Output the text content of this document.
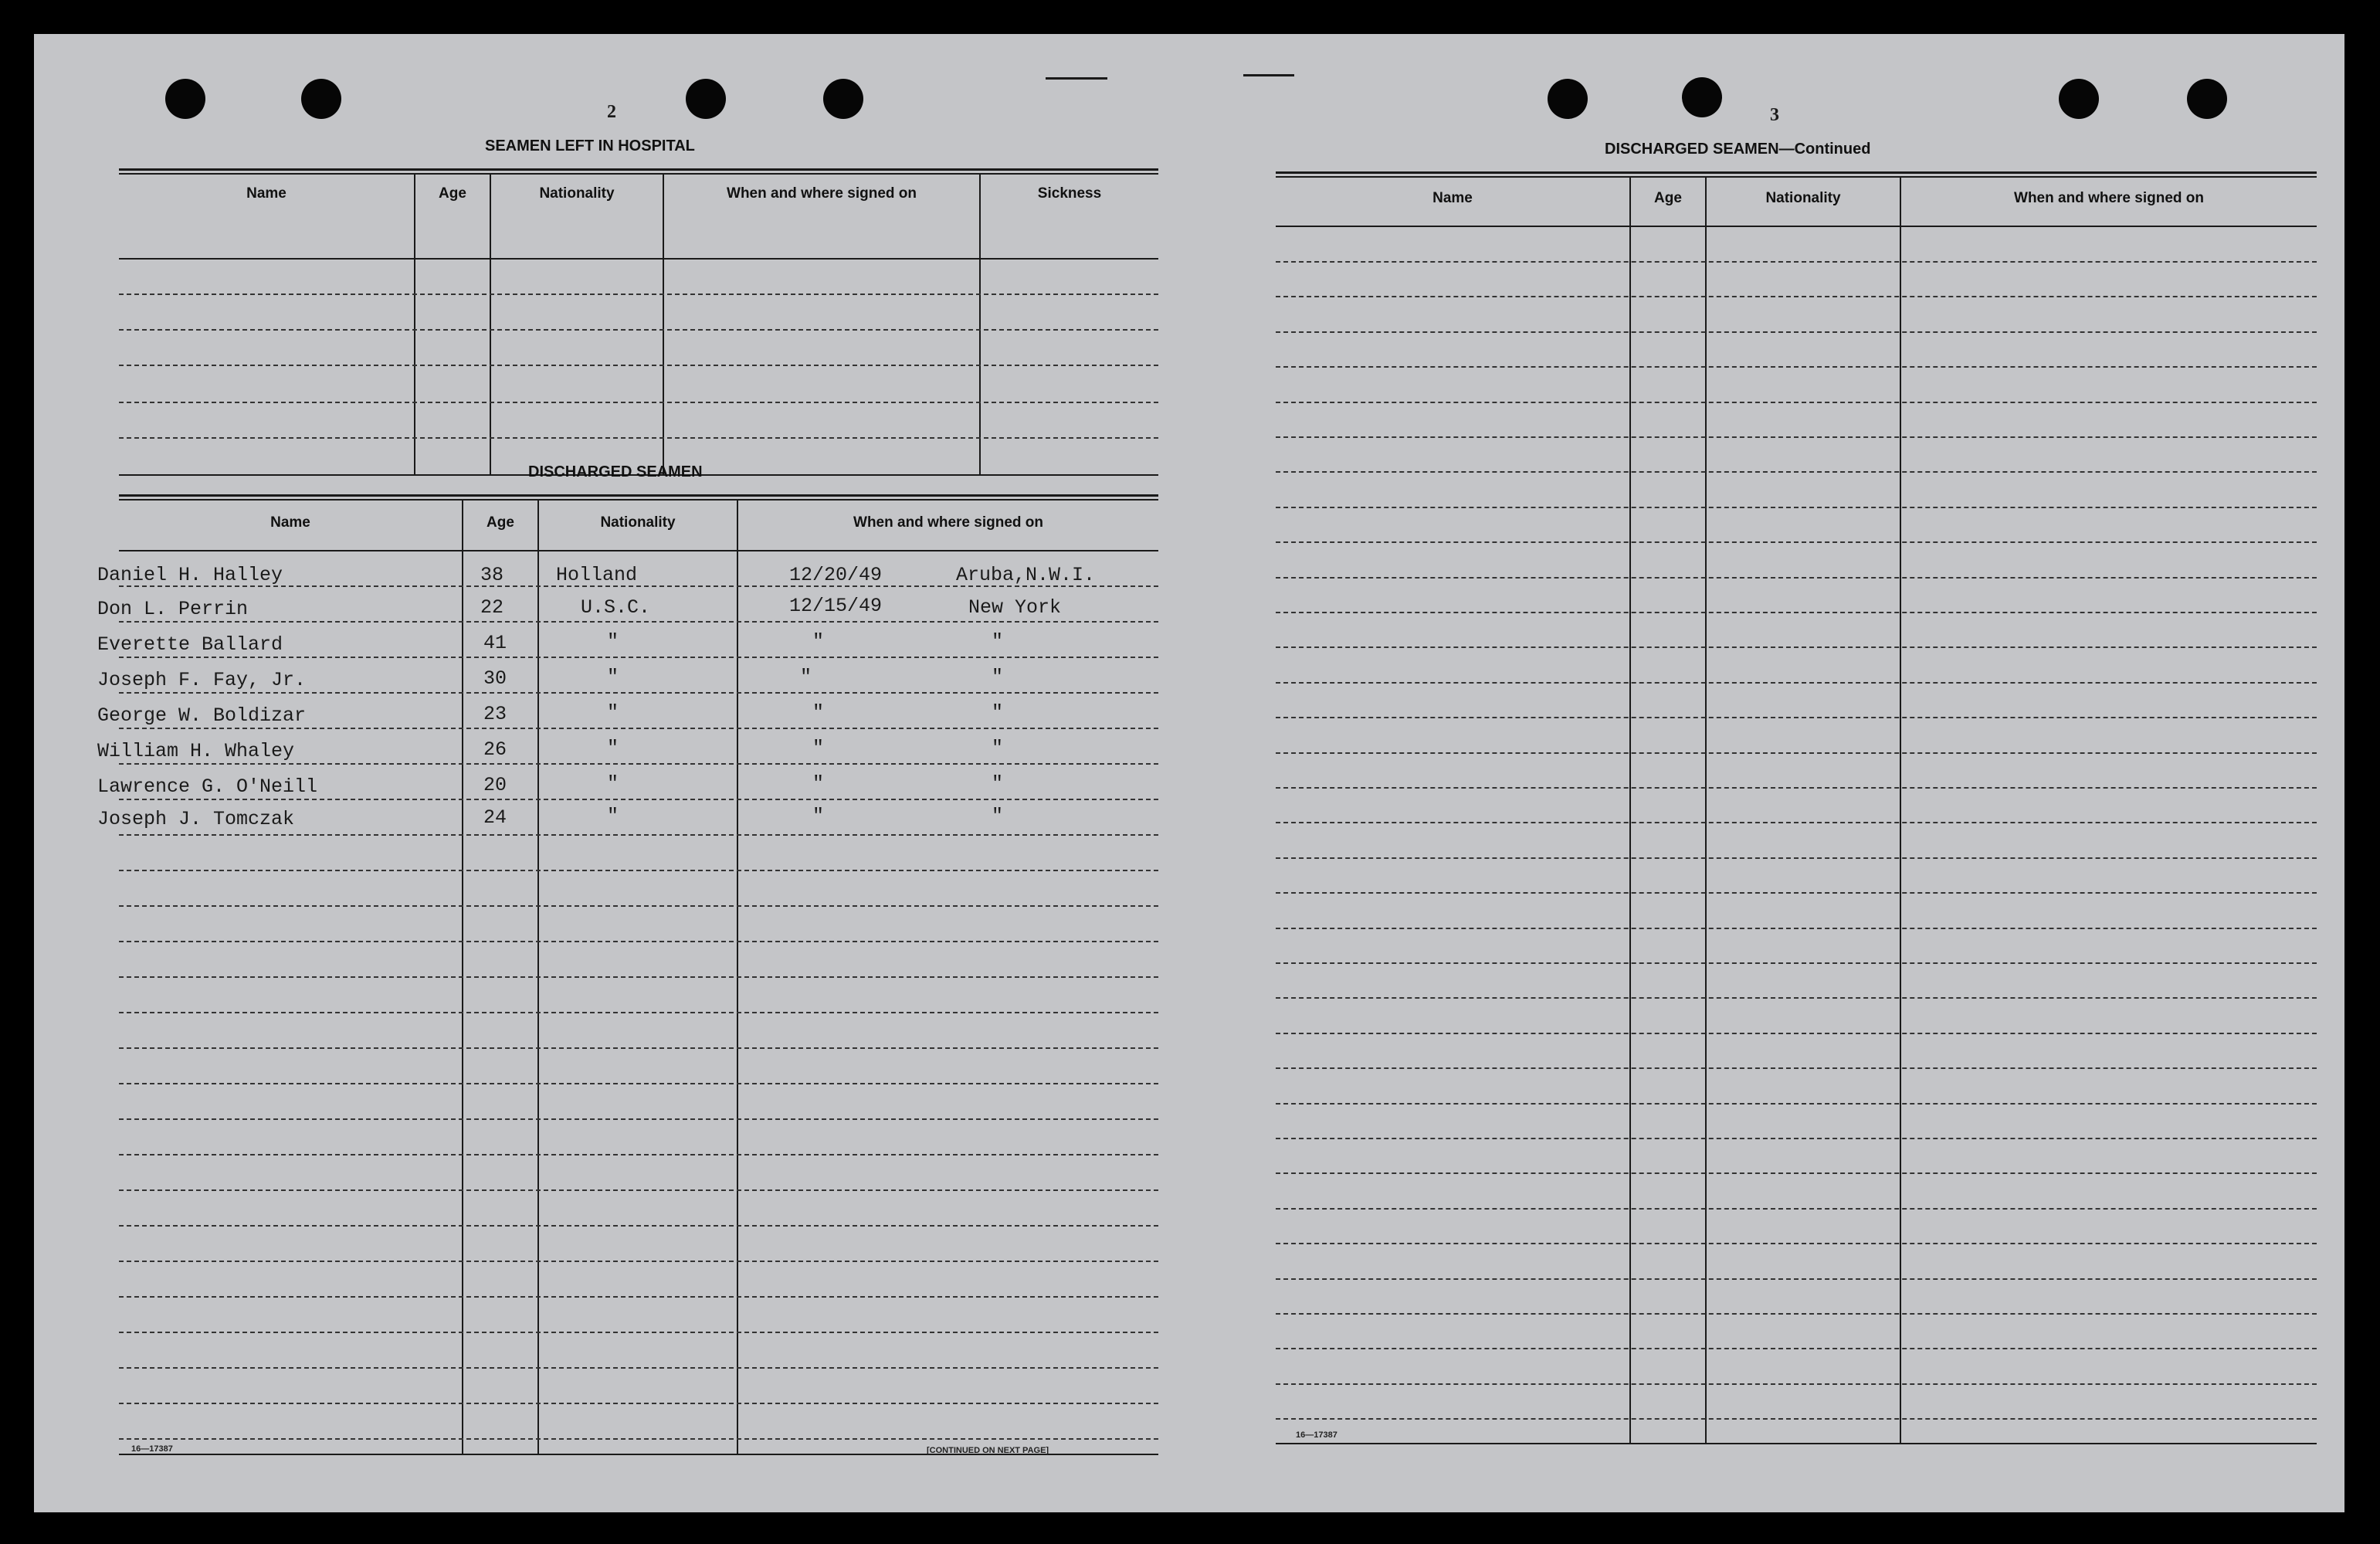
2
SEAMEN LEFT IN HOSPITAL
Name	Age	Nationality	When and where signed on	Sickness
DISCHARGED SEAMEN
Name	Age	Nationality	When and where signed on
Daniel H. Halley	38	Holland	12/20/49	Aruba,N.W.I.
Don L. Perrin	22	U.S.C.	12/15/49	New York
Everette Ballard	41	"	"	"
Joseph F. Fay, Jr.	30	"	"	"
George W. Boldizar	23	"	"	"
William H. Whaley	26	"	"	"
Lawrence G. O'Neill	20	"	"	"
Joseph J. Tomczak	24	"	"	"
16—17387	[CONTINUED ON NEXT PAGE]
3
DISCHARGED SEAMEN—Continued
Name	Age	Nationality	When and where signed on
16—17387
